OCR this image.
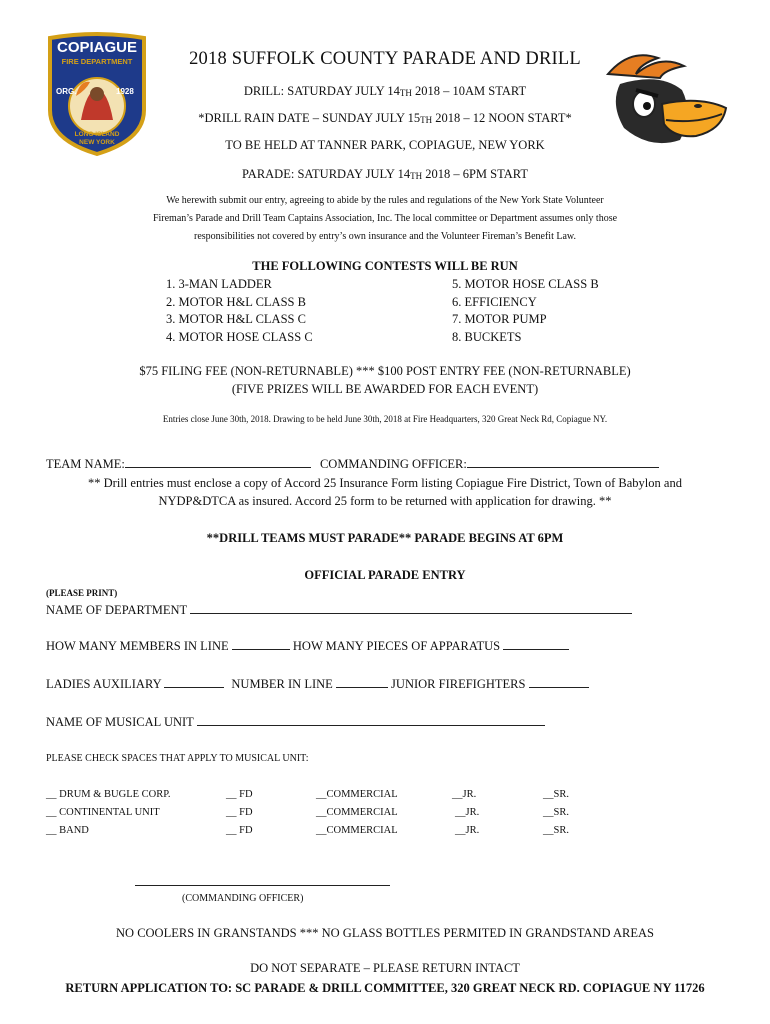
COPIAGUE
FIRE DEPARTMENT
ORG.	1928
LONG ISLAND
NEW YORK
2018 SUFFOLK COUNTY PARADE AND DRILL
DRILL: SATURDAY JULY 14TH 2018 – 10AM START
*DRILL RAIN DATE – SUNDAY JULY 15TH 2018 – 12 NOON START*
TO BE HELD AT TANNER PARK, COPIAGUE, NEW YORK
PARADE: SATURDAY JULY 14TH 2018 – 6PM START
We herewith submit our entry, agreeing to abide by the rules and regulations of the New York State Volunteer
Fireman’s Parade and Drill Team Captains Association, Inc. The local committee or Department assumes only those
responsibilities not covered by entry’s own insurance and the Volunteer Fireman’s Benefit Law.
THE FOLLOWING CONTESTS WILL BE RUN
1. 3-MAN LADDER
2. MOTOR H&L CLASS B
3. MOTOR H&L CLASS C
4. MOTOR HOSE CLASS C
5. MOTOR HOSE CLASS B
6. EFFICIENCY
7. MOTOR PUMP
8. BUCKETS
$75 FILING FEE (NON-RETURNABLE) *** $100 POST ENTRY FEE (NON-RETURNABLE)
(FIVE PRIZES WILL BE AWARDED FOR EACH EVENT)
Entries close June 30th, 2018. Drawing to be held June 30th, 2018 at Fire Headquarters, 320 Great Neck Rd, Copiague NY.
TEAM NAME:	COMMANDING OFFICER:
** Drill entries must enclose a copy of Accord 25 Insurance Form listing Copiague Fire District, Town of Babylon and
NYDP&DTCA as insured. Accord 25 form to be returned with application for drawing. **
**DRILL TEAMS MUST PARADE** PARADE BEGINS AT 6PM
OFFICIAL PARADE ENTRY
(PLEASE PRINT)
NAME OF DEPARTMENT
HOW MANY MEMBERS IN LINE	HOW MANY PIECES OF APPARATUS
LADIES AUXILIARY	NUMBER IN LINE	JUNIOR FIREFIGHTERS
NAME OF MUSICAL UNIT
PLEASE CHECK SPACES THAT APPLY TO MUSICAL UNIT:
__ DRUM & BUGLE CORP.	__ FD	__COMMERCIAL	__JR.	__SR.
__ CONTINENTAL UNIT	__ FD	__COMMERCIAL	__JR.	__SR.
__ BAND	__ FD	__COMMERCIAL	__JR.	__SR.
(COMMANDING OFFICER)
NO COOLERS IN GRANSTANDS *** NO GLASS BOTTLES PERMITED IN GRANDSTAND AREAS
DO NOT SEPARATE – PLEASE RETURN INTACT
RETURN APPLICATION TO: SC PARADE & DRILL COMMITTEE, 320 GREAT NECK RD. COPIAGUE NY 11726
